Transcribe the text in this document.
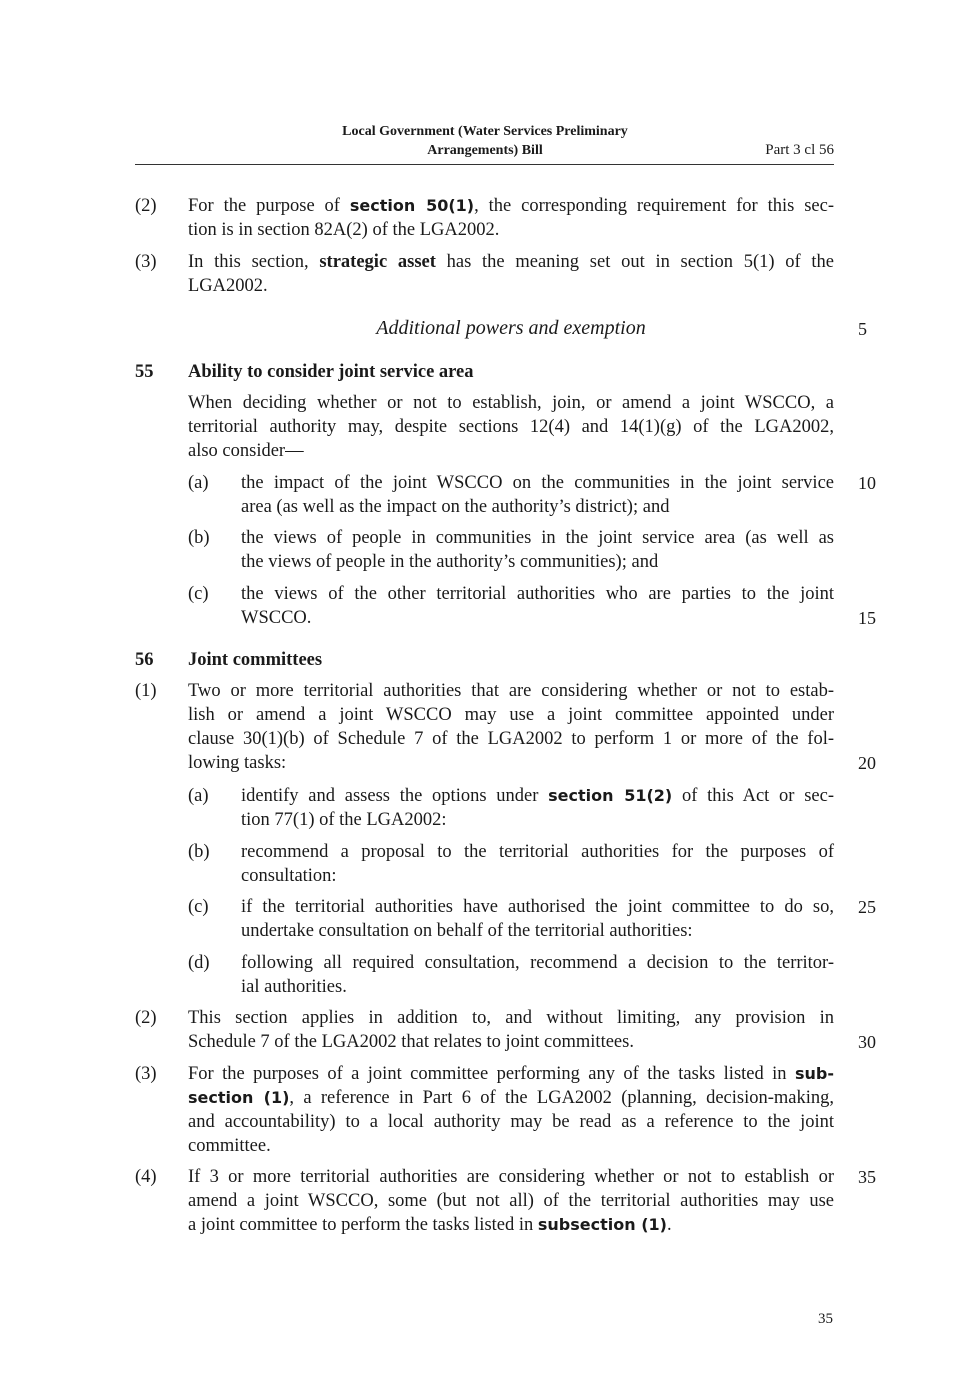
Local Government (Water Services Preliminary
Arrangements) Bill	Part 3 cl 56
(2) For the purpose of section 50(1), the corresponding requirement for this sec-
tion is in section 82A(2) of the LGA2002.
(3) In this section, strategic asset has the meaning set out in section 5(1) of the
LGA2002.
Additional powers and exemption	5
55 Ability to consider joint service area
When deciding whether or not to establish, join, or amend a joint WSCCO, a
territorial authority may, despite sections 12(4) and 14(1)(g) of the LGA2002,
also consider—
(a) the impact of the joint WSCCO on the communities in the joint service
area (as well as the impact on the authority’s district); and
10
(b) the views of people in communities in the joint service area (as well as
the views of people in the authority’s communities); and
(c) the views of the other territorial authorities who are parties to the joint
WSCCO.	15
56 Joint committees
(1) Two or more territorial authorities that are considering whether or not to estab-
lish or amend a joint WSCCO may use a joint committee appointed under
clause 30(1)(b) of Schedule 7 of the LGA2002 to perform 1 or more of the fol-
lowing tasks:	20
(a) identify and assess the options under section 51(2) of this Act or sec-
tion 77(1) of the LGA2002:
(b) recommend a proposal to the territorial authorities for the purposes of
consultation:
(c) if the territorial authorities have authorised the joint committee to do so,
undertake consultation on behalf of the territorial authorities:
25
(d) following all required consultation, recommend a decision to the territor-
ial authorities.
(2) This section applies in addition to, and without limiting, any provision in
Schedule 7 of the LGA2002 that relates to joint committees.	30
(3) For the purposes of a joint committee performing any of the tasks listed in sub-
section (1), a reference in Part 6 of the LGA2002 (planning, decision-making,
and accountability) to a local authority may be read as a reference to the joint
committee.
(4) If 3 or more territorial authorities are considering whether or not to establish or
amend a joint WSCCO, some (but not all) of the territorial authorities may use
a joint committee to perform the tasks listed in subsection (1).
35
35
